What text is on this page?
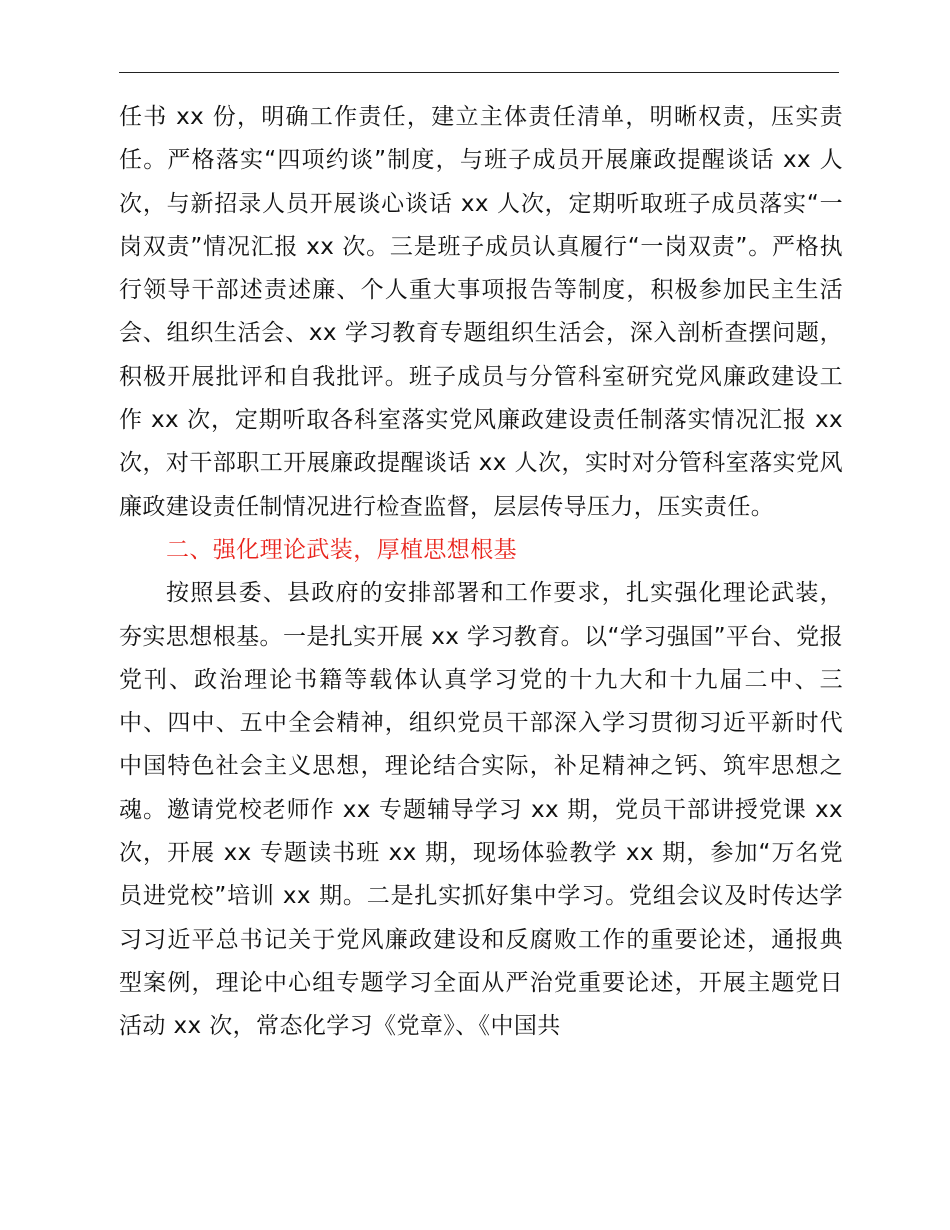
任书 xx 份，明确工作责任，建立主体责任清单，明晰权责，压实责任。严格落实“四项约谈”制度，与班子成员开展廉政提醒谈话 xx 人次，与新招录人员开展谈心谈话 xx 人次，定期听取班子成员落实“一岗双责”情况汇报 xx 次。三是班子成员认真履行“一岗双责”。严格执行领导干部述责述廉、个人重大事项报告等制度，积极参加民主生活会、组织生活会、xx 学习教育专题组织生活会，深入剖析查摆问题，积极开展批评和自我批评。班子成员与分管科室研究党风廉政建设工作 xx 次，定期听取各科室落实党风廉政建设责任制落实情况汇报 xx 次，对干部职工开展廉政提醒谈话 xx 人次，实时对分管科室落实党风廉政建设责任制情况进行检查监督，层层传导压力，压实责任。

二、强化理论武装，厚植思想根基

按照县委、县政府的安排部署和工作要求，扎实强化理论武装，夯实思想根基。一是扎实开展 xx 学习教育。以“学习强国”平台、党报党刊、政治理论书籍等载体认真学习党的十九大和十九届二中、三中、四中、五中全会精神，组织党员干部深入学习贯彻习近平新时代中国特色社会主义思想，理论结合实际，补足精神之钙、筑牢思想之魂。邀请党校老师作 xx 专题辅导学习 xx 期，党员干部讲授党课 xx 次，开展 xx 专题读书班 xx 期，现场体验教学 xx 期，参加“万名党员进党校”培训 xx 期。二是扎实抓好集中学习。党组会议及时传达学习习近平总书记关于党风廉政建设和反腐败工作的重要论述，通报典型案例，理论中心组专题学习全面从严治党重要论述，开展主题党日活动 xx 次，常态化学习《党章》、《中国共
